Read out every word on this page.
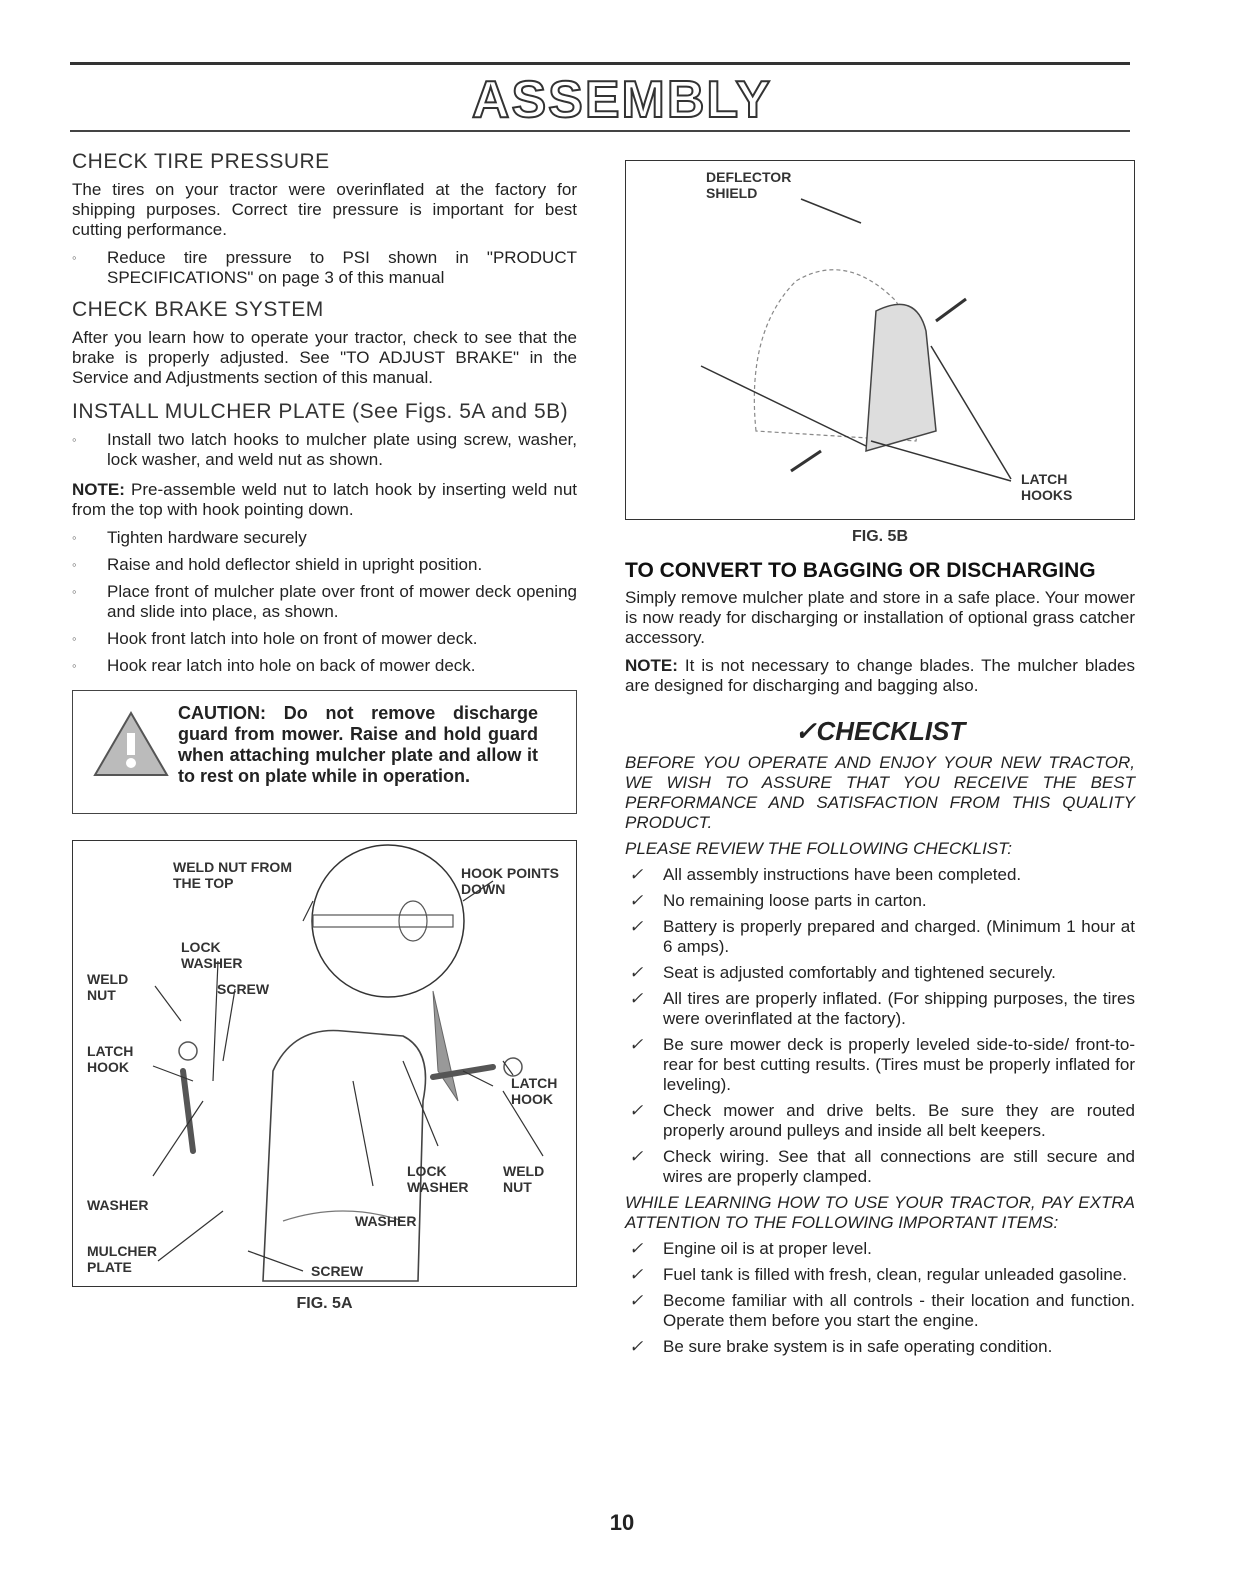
ASSEMBLY
CHECK TIRE PRESSURE

The tires on your tractor were overinflated at the factory for shipping purposes. Correct tire pressure is important for best cutting performance.

◦ Reduce tire pressure to PSI shown in "PRODUCT SPECIFICATIONS" on page 3 of this manual
CHECK BRAKE SYSTEM

After you learn how to operate your tractor, check to see that the brake is properly adjusted. See "TO ADJUST BRAKE" in the Service and Adjustments section of this manual.

INSTALL MULCHER PLATE (See Figs. 5A and 5B)
◦ Install two latch hooks to mulcher plate using screw, washer, lock washer, and weld nut as shown.

NOTE: Pre-assemble weld nut to latch hook by inserting weld nut from the top with hook pointing down.

◦ Tighten hardware securely
◦ Raise and hold deflector shield in upright position.
◦ Place front of mulcher plate over front of mower deck opening and slide into place, as shown.
◦ Hook front latch into hole on front of mower deck.
◦ Hook rear latch into hole on back of mower deck.
CAUTION: Do not remove discharge guard from mower. Raise and hold guard when attaching mulcher plate and allow it to rest on plate while in operation.
WELD NUT FROM THE TOP
HOOK POINTS DOWN
LOCK WASHER
WELD NUT	SCREW
LATCH HOOK
LATCH HOOK
LOCK WASHER
WELD NUT
WASHER
WASHER
MULCHER PLATE	SCREW
FIG. 5A
DEFLECTOR SHIELD
LATCH HOOKS
FIG. 5B
TO CONVERT TO BAGGING OR DISCHARGING

Simply remove mulcher plate and store in a safe place. Your mower is now ready for discharging or installation of optional grass catcher accessory.

NOTE: It is not necessary to change blades. The mulcher blades are designed for discharging and bagging also.

✓CHECKLIST

BEFORE YOU OPERATE AND ENJOY YOUR NEW TRACTOR, WE WISH TO ASSURE THAT YOU RECEIVE THE BEST PERFORMANCE AND SATISFACTION FROM THIS QUALITY PRODUCT.

PLEASE REVIEW THE FOLLOWING CHECKLIST:

✓ All assembly instructions have been completed.
✓ No remaining loose parts in carton.
✓ Battery is properly prepared and charged. (Minimum 1 hour at 6 amps).
✓ Seat is adjusted comfortably and tightened securely.
✓ All tires are properly inflated. (For shipping purposes, the tires were overinflated at the factory).
✓ Be sure mower deck is properly leveled side-to-side/ front-to-rear for best cutting results. (Tires must be properly inflated for leveling).
✓ Check mower and drive belts. Be sure they are routed properly around pulleys and inside all belt keepers.
✓ Check wiring. See that all connections are still secure and wires are properly clamped.

WHILE LEARNING HOW TO USE YOUR TRACTOR, PAY EXTRA ATTENTION TO THE FOLLOWING IMPORTANT ITEMS:

✓ Engine oil is at proper level.
✓ Fuel tank is filled with fresh, clean, regular unleaded gasoline.
✓ Become familiar with all controls - their location and function. Operate them before you start the engine.
✓ Be sure brake system is in safe operating condition.
10
